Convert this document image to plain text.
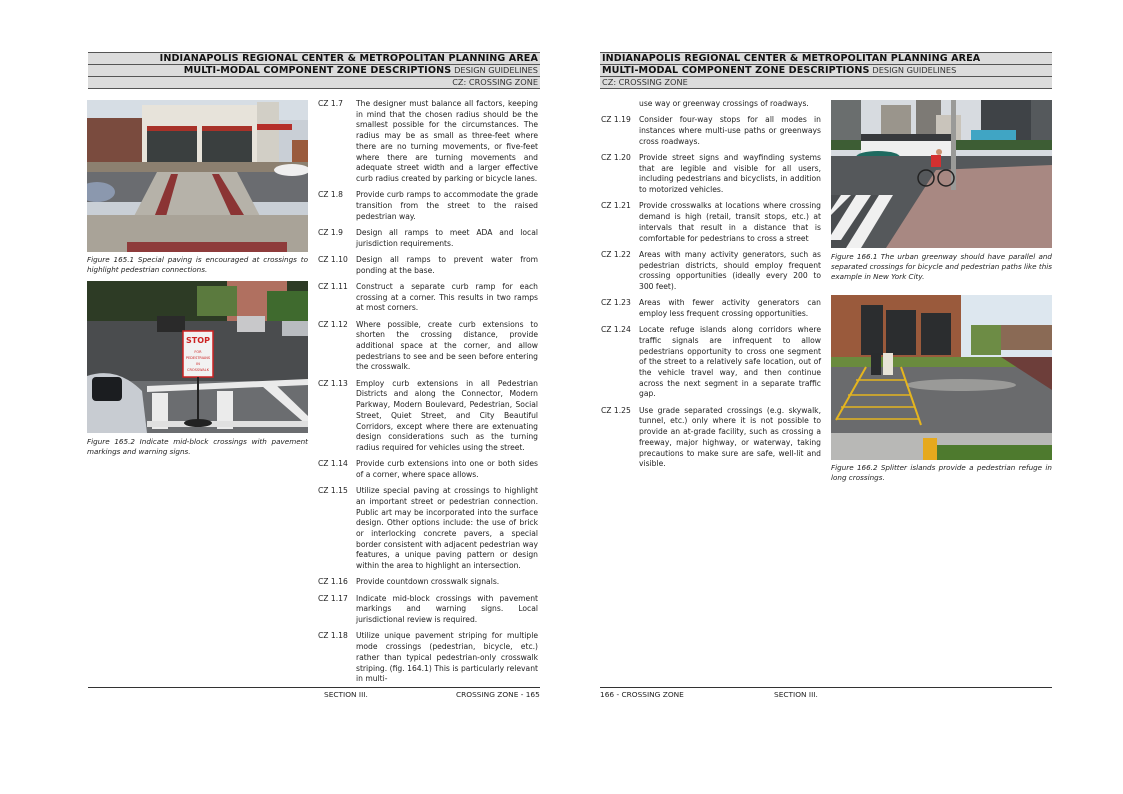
INDIANAPOLIS REGIONAL CENTER & METROPOLITAN PLANNING AREA
MULTI-MODAL COMPONENT ZONE DESCRIPTIONS DESIGN GUIDELINES
CZ: CROSSING ZONE
Figure 165.1 Special paving is encouraged at crossings to highlight pedestrian connections.
STOP
FOR
PEDESTRIANS
IN
CROSSWALK
Figure 165.2 Indicate mid-block crossings with pavement markings and warning signs.
CZ 1.7	The designer must balance all factors, keeping in mind that the chosen radius should be the smallest possible for the circumstances. The radius may be as small as three-feet where there are no turning movements, or five-feet where there are turning movements and adequate street width and a larger effective curb radius created by parking or bicycle lanes.
CZ 1.8	Provide curb ramps to accommodate the grade transition from the street to the raised pedestrian way.
CZ 1.9	Design all ramps to meet ADA and local jurisdiction requirements.
CZ 1.10	Design all ramps to prevent water from ponding at the base.
CZ 1.11	Construct a separate curb ramp for each crossing at a corner. This results in two ramps at most corners.
CZ 1.12	Where possible, create curb extensions to shorten the crossing distance, provide additional space at the corner, and allow pedestrians to see and be seen before entering the crosswalk.
CZ 1.13	Employ curb extensions in all Pedestrian Districts and along the Connector, Modern Parkway, Modern Boulevard, Pedestrian, Social Street, Quiet Street, and City Beautiful Corridors, except where there are extenuating design considerations such as the turning radius required for vehicles using the street.
CZ 1.14	Provide curb extensions into one or both sides of a corner, where space allows.
CZ 1.15	Utilize special paving at crossings to highlight an important street or pedestrian connection. Public art may be incorporated into the surface design. Other options include: the use of brick or interlocking concrete pavers, a special border consistent with adjacent pedestrian way features, a unique paving pattern or design within the area to highlight an intersection.
CZ 1.16	Provide countdown crosswalk signals.
CZ 1.17	Indicate mid-block crossings with pavement markings and warning signs. Local jurisdictional review is required.
CZ 1.18	Utilize unique pavement striping for multiple mode crossings (pedestrian, bicycle, etc.) rather than typical pedestrian-only crosswalk striping. (fig. 164.1) This is particularly relevant in multi-
SECTION III.	CROSSING ZONE - 165
INDIANAPOLIS REGIONAL CENTER & METROPOLITAN PLANNING AREA
MULTI-MODAL COMPONENT ZONE DESCRIPTIONS DESIGN GUIDELINES
CZ: CROSSING ZONE
use way or greenway crossings of roadways.
CZ 1.19	Consider four-way stops for all modes in instances where multi-use paths or greenways cross roadways.
CZ 1.20	Provide street signs and wayfinding systems that are legible and visible for all users, including pedestrians and bicyclists, in addition to motorized vehicles.
CZ 1.21	Provide crosswalks at locations where crossing demand is high (retail, transit stops, etc.) at intervals that result in a distance that is comfortable for pedestrians to cross a street
CZ 1.22	Areas with many activity generators, such as pedestrian districts, should employ frequent crossing opportunities (ideally every 200 to 300 feet).
CZ 1.23	Areas with fewer activity generators can employ less frequent crossing opportunities.
CZ 1.24	Locate refuge islands along corridors where traffic signals are infrequent to allow pedestrians opportunity to cross one segment of the street to a relatively safe location, out of the vehicle travel way, and then continue across the next segment in a separate traffic gap.
CZ 1.25	Use grade separated crossings (e.g. skywalk, tunnel, etc.) only where it is not possible to provide an at-grade facility, such as crossing a freeway, major highway, or waterway, taking precautions to make sure are safe, well-lit and visible.
Figure 166.1 The urban greenway should have parallel and separated crossings for bicycle and pedestrian paths like this example in New York City.
Figure 166.2 Splitter islands provide a pedestrian refuge in long crossings.
166 - CROSSING ZONE	SECTION III.
